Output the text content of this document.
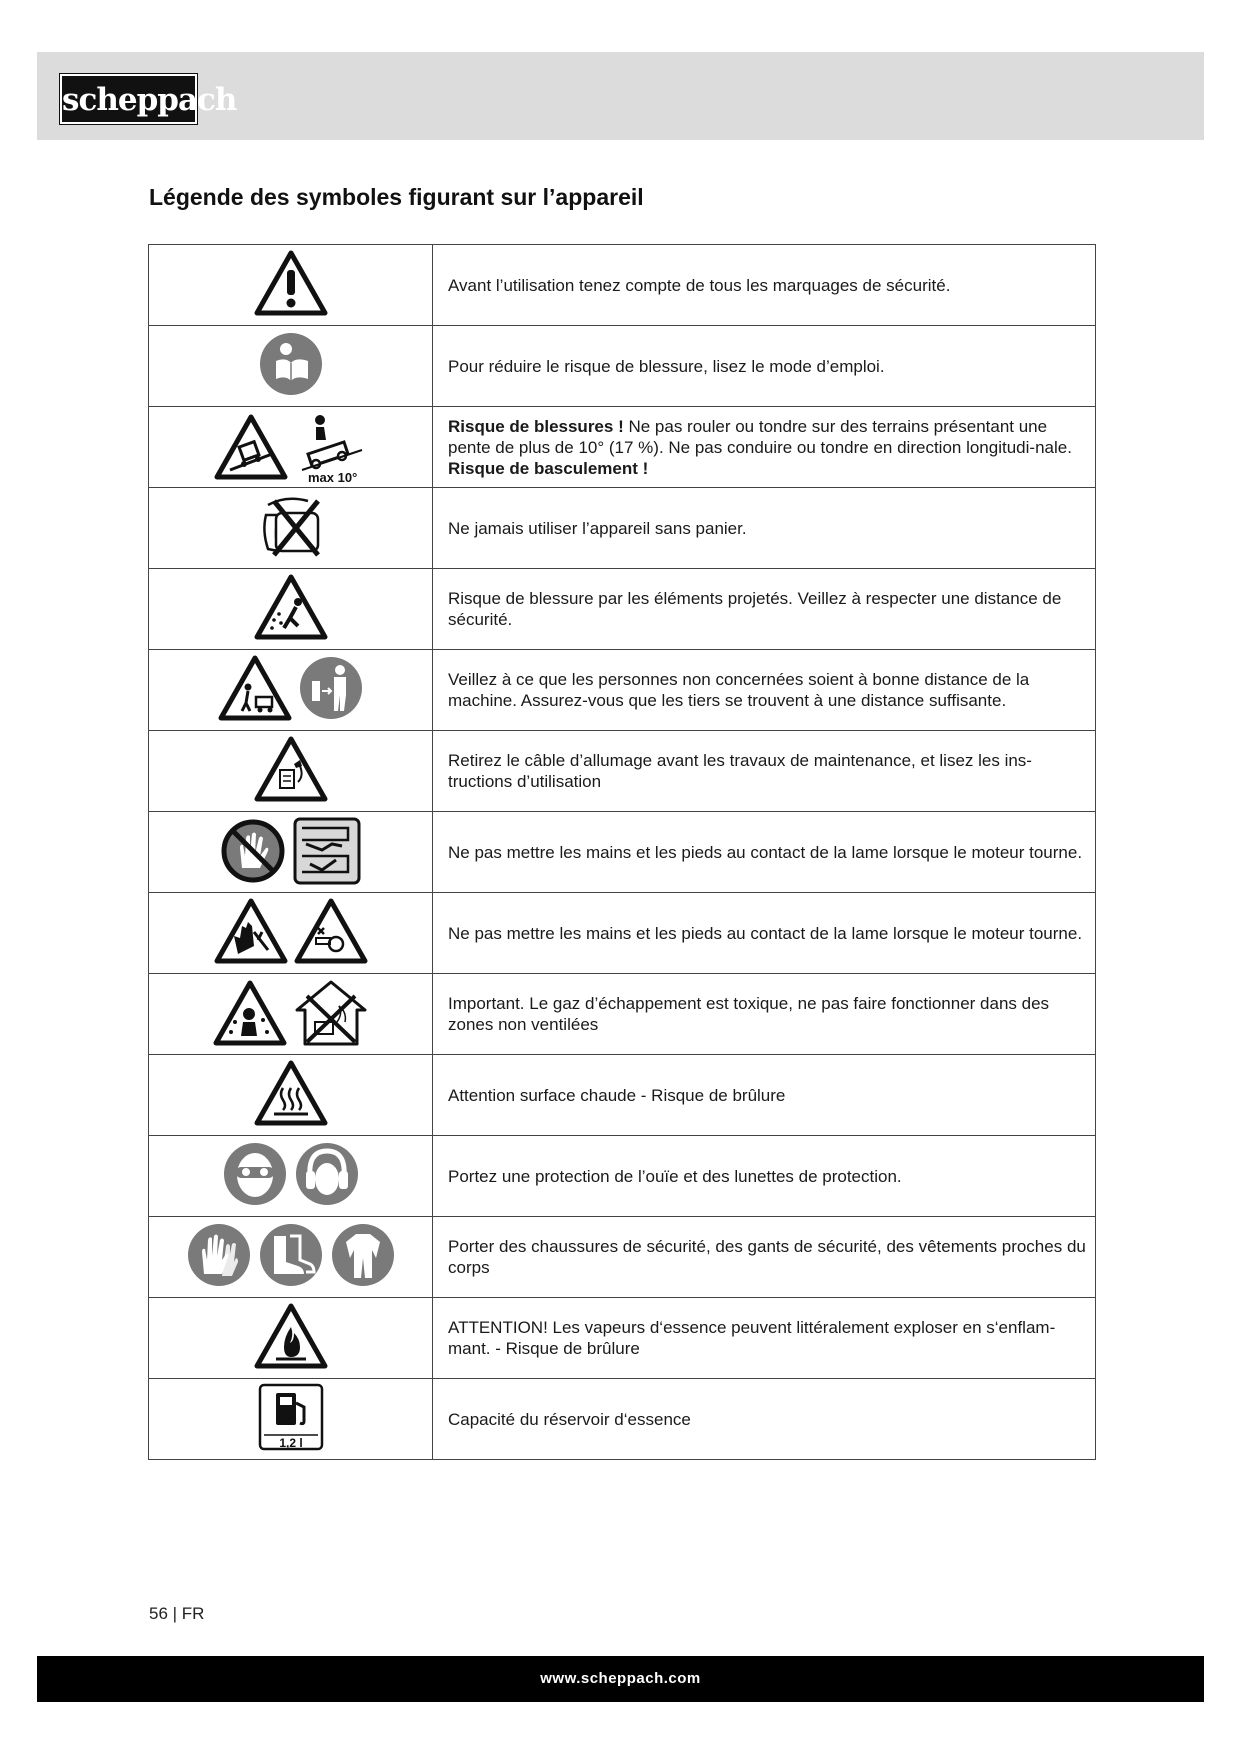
scheppach
Légende des symboles figurant sur l’appareil
	Avant l’utilisation tenez compte de tous les marquages de sécurité.

	Pour réduire le risque de blessure, lisez le mode d’emploi.

max 10°	Risque de blessures ! Ne pas rouler ou tondre sur des terrains présentant une pente de plus de 10° (17 %). Ne pas conduire ou tondre en direction longitudi-nale. Risque de basculement !

	Ne jamais utiliser l’appareil sans panier.

	Risque de blessure par les éléments projetés. Veillez à respecter une distance de sécurité.

	Veillez à ce que les personnes non concernées soient à bonne distance de la machine. Assurez-vous que les tiers se trouvent à une distance suffisante.

	Retirez le câble d’allumage avant les travaux de maintenance, et lisez les ins-tructions d’utilisation

	Ne pas mettre les mains et les pieds au contact de la lame lorsque le moteur tourne.

	Ne pas mettre les mains et les pieds au contact de la lame lorsque le moteur tourne.

	Important. Le gaz d’échappement est toxique, ne pas faire fonctionner dans des zones non ventilées

	Attention surface chaude - Risque de brûlure

	Portez une protection de l’ouïe et des lunettes de protection.

	Porter des chaussures de sécurité, des gants de sécurité, des vêtements proches du corps

	ATTENTION! Les vapeurs d‘essence peuvent littéralement exploser en s‘enflam-mant. - Risque de brûlure

1,2 l	Capacité du réservoir d‘essence
56 | FR
www.scheppach.com
